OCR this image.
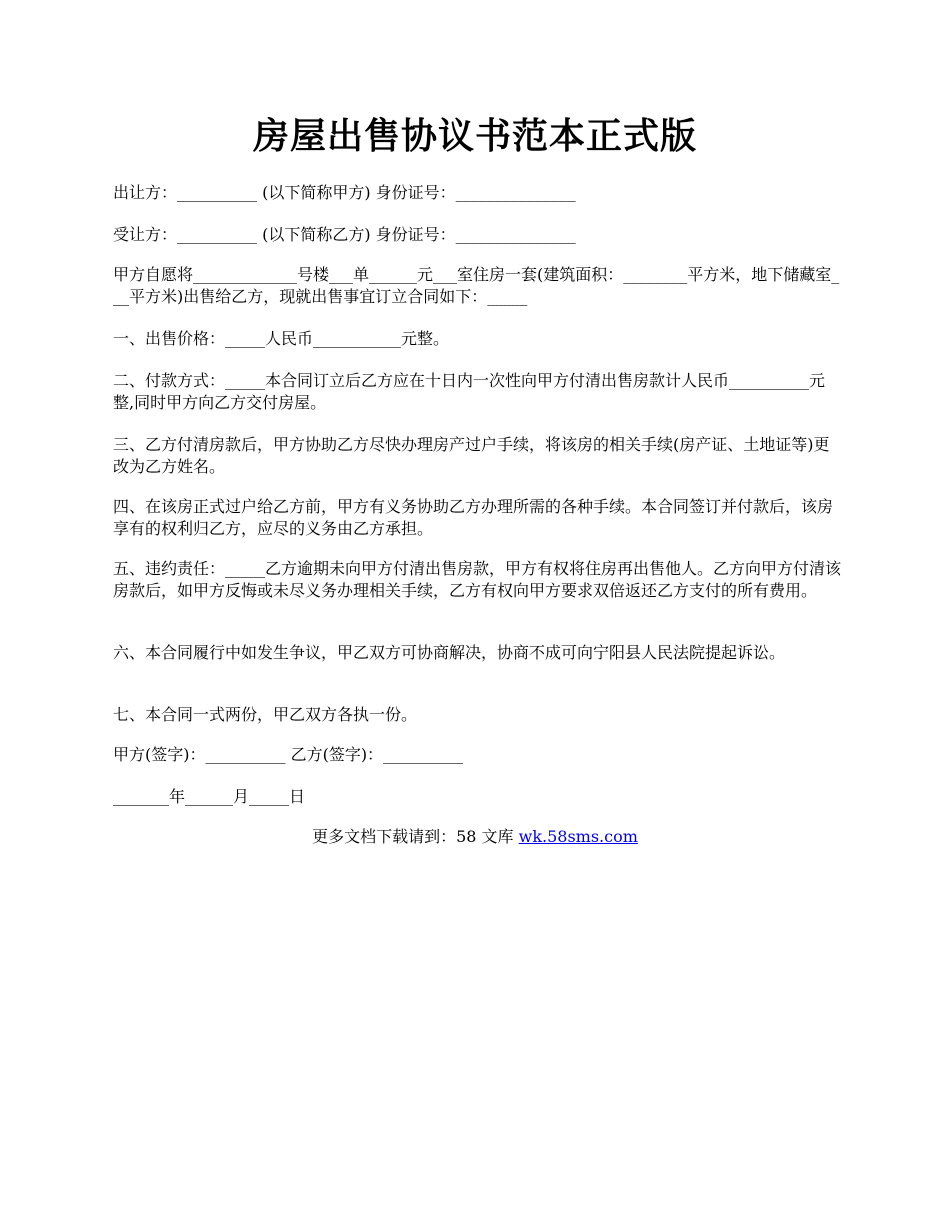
房屋出售协议书范本正式版

出让方：__________ (以下简称甲方) 身份证号：_______________

受让方：__________ (以下简称乙方) 身份证号：_______________

甲方自愿将_____________号楼___单______元___室住房一套(建筑面积：________平方米，地下储藏室___平方米)出售给乙方，现就出售事宜订立合同如下：_____

一、出售价格：_____人民币___________元整。

二、付款方式：_____本合同订立后乙方应在十日内一次性向甲方付清出售房款计人民币__________元整,同时甲方向乙方交付房屋。

三、乙方付清房款后，甲方协助乙方尽快办理房产过户手续，将该房的相关手续(房产证、土地证等)更改为乙方姓名。

四、在该房正式过户给乙方前，甲方有义务协助乙方办理所需的各种手续。本合同签订并付款后，该房享有的权利归乙方，应尽的义务由乙方承担。

五、违约责任：_____乙方逾期未向甲方付清出售房款，甲方有权将住房再出售他人。乙方向甲方付清该房款后，如甲方反悔或未尽义务办理相关手续，乙方有权向甲方要求双倍返还乙方支付的所有费用。

六、本合同履行中如发生争议，甲乙双方可协商解决，协商不成可向宁阳县人民法院提起诉讼。

七、本合同一式两份，甲乙双方各执一份。

甲方(签字)：__________ 乙方(签字)：__________

_______年______月_____日

更多文档下载请到：58 文库 wk.58sms.com
